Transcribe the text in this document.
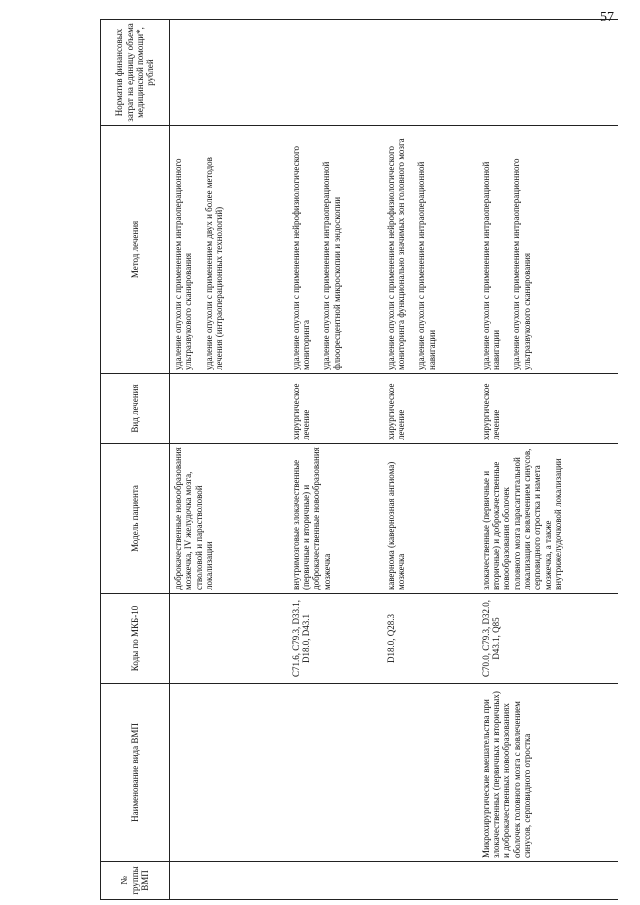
57
№ группы ВМП	Наименование вида ВМП	Коды по МКБ-10	Модель пациента	Вид лечения	Метод лечения	Норматив финансовых затрат на единицу объема медицинской помощи*, рублей
			доброкачественные новообразования мозжечка, IV желудочка мозга, стволовой и парастволовой локализации		удаление опухоли с применением интраоперационного ультразвукового сканирования удаление опухоли с применением двух и более методов лечения (интраоперационных технологий)	

		C71.6, C79.3, D33.1, D18.0, D43.1	внутримозговые злокачественные (первичные и вторичные) и доброкачественные новообразования мозжечка	хирургическое лечение	удаление опухоли с применением нейрофизиологического мониторинга удаление опухоли с применением интраоперационной флюоресцентной микроскопии и эндоскопии	

		D18.0, Q28.3	кавернома (кавернозная ангиома) мозжечка	хирургическое лечение	удаление опухоли с применением нейрофизиологического мониторинга функционально значимых зон головного мозга удаление опухоли с применением интраоперационной навигации	

	Микрохирургические вмешательства при злокачественных (первичных и вторичных) и доброкачественных новообразованиях оболочек головного мозга с вовлечением синусов, серповидного отростка	C70.0, C79.3, D32.0, D43.1, Q85	злокачественные (первичные и вторичные) и доброкачественные новообразования оболочек головного мозга парасаггитальной локализации с вовлечением синусов, серповидного отростка и намета мозжечка, а также внутрижелудочковой локализации	хирургическое лечение	удаление опухоли с применением интраоперационной навигации удаление опухоли с применением интраоперационного ультразвукового сканирования	
